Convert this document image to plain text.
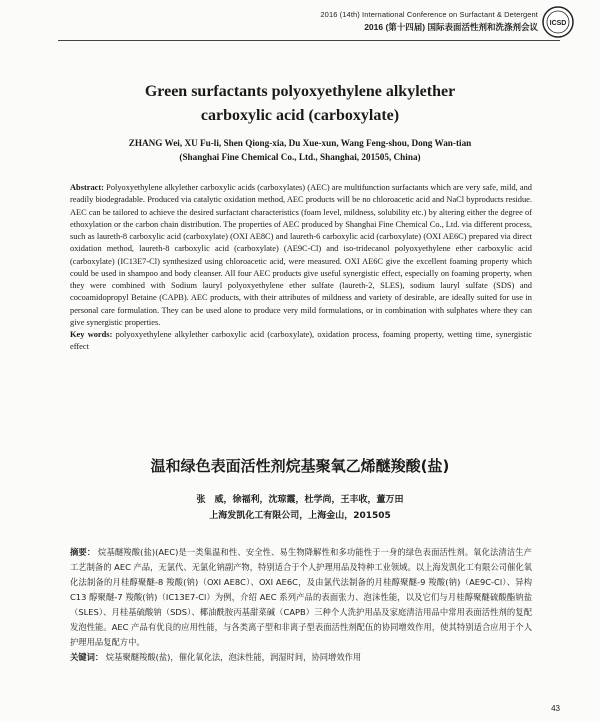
2016 (14th) International Conference on Surfactant & Detergent
2016 (第十四届) 国际表面活性剂和洗涤剂会议 ICSD
Green surfactants polyoxyethylene alkylether
carboxylic acid (carboxylate)
ZHANG Wei, XU Fu-li, Shen Qiong-xia, Du Xue-xun, Wang Feng-shou, Dong Wan-tian
(Shanghai Fine Chemical Co., Ltd., Shanghai, 201505, China)
Abstract: Polyoxyethylene alkylether carboxylic acids (carboxylates) (AEC) are multifunction surfactants which are very safe, mild, and readily biodegradable. Produced via catalytic oxidation method, AEC products will be no chloroacetic acid and NaCl byproducts residue. AEC can be tailored to achieve the desired surfactant characteristics (foam level, mildness, solubility etc.) by altering either the degree of ethoxylation or the carbon chain distribution. The properties of AEC produced by Shanghai Fine Chemical Co., Ltd. via different process, such as laureth-8 carboxylic acid (carboxylate) (OXI AE8C) and laureth-6 carboxylic acid (carboxylate) (OXI AE6C) prepared via direct oxidation method, laureth-8 carboxylic acid (carboxylate) (AE9C-Cl) and iso-tridecanol polyoxyethylene ether carboxylic acid (carboxylate) (IC13E7-Cl) synthesized using chloroacetic acid, were measured. OXI AE6C give the excellent foaming property which could be used in shampoo and body cleanser. All four AEC products give useful synergistic effect, especially on foaming property, when they were combined with Sodium lauryl polyoxyethylene ether sulfate (laureth-2, SLES), sodium lauryl sulfate (SDS) and cocoamidopropyl Betaine (CAPB). AEC products, with their attributes of mildness and variety of desirable, are ideally suited for use in personal care formulation. They can be used alone to produce very mild formulations, or in combination with sulphates where they can give synergistic properties.
Key words: polyoxyethylene alkylether carboxylic acid (carboxylate), oxidation process, foaming property, wetting time, synergistic effect
温和绿色表面活性剂烷基聚氧乙烯醚羧酸(盐)
张　威，徐福利，沈琼霞，杜学尚，王丰收，董万田
上海发凯化工有限公司，上海金山，201505
摘要： 烷基醚羧酸(盐)(AEC)是一类集温和性、安全性、易生物降解性和多功能性于一身的绿色表面活性剂。氧化法清洁生产工艺制备的 AEC 产品，无氯代、无氯化钠副产物，特别适合于个人护理用品及特种工业领域。以上海发凯化工有限公司催化氧化法制备的月桂醇聚醚-8 羧酸(钠)（OXI AE8C）、OXI AE6C，及由氯代法制备的月桂醇聚醚-9 羧酸(钠)（AE9C-Cl）、异构 C13 醇聚醚-7 羧酸(钠)（IC13E7-Cl）为例，介绍 AEC 系列产品的表面张力、泡沫性能，以及它们与月桂醇聚醚硫酸酯钠盐（SLES）、月桂基硫酸钠（SDS）、椰油酰胺丙基甜菜碱（CAPB）三种个人洗护用品及家庭清洁用品中常用表面活性剂的复配发泡性能。AEC 产品有优良的应用性能，与各类离子型和非离子型表面活性剂配伍的协同增效作用，使其特别适合应用于个人护理用品复配方中。
关键词： 烷基聚醚羧酸(盐)，催化氧化法，泡沫性能，润湿时间，协同增效作用
43
